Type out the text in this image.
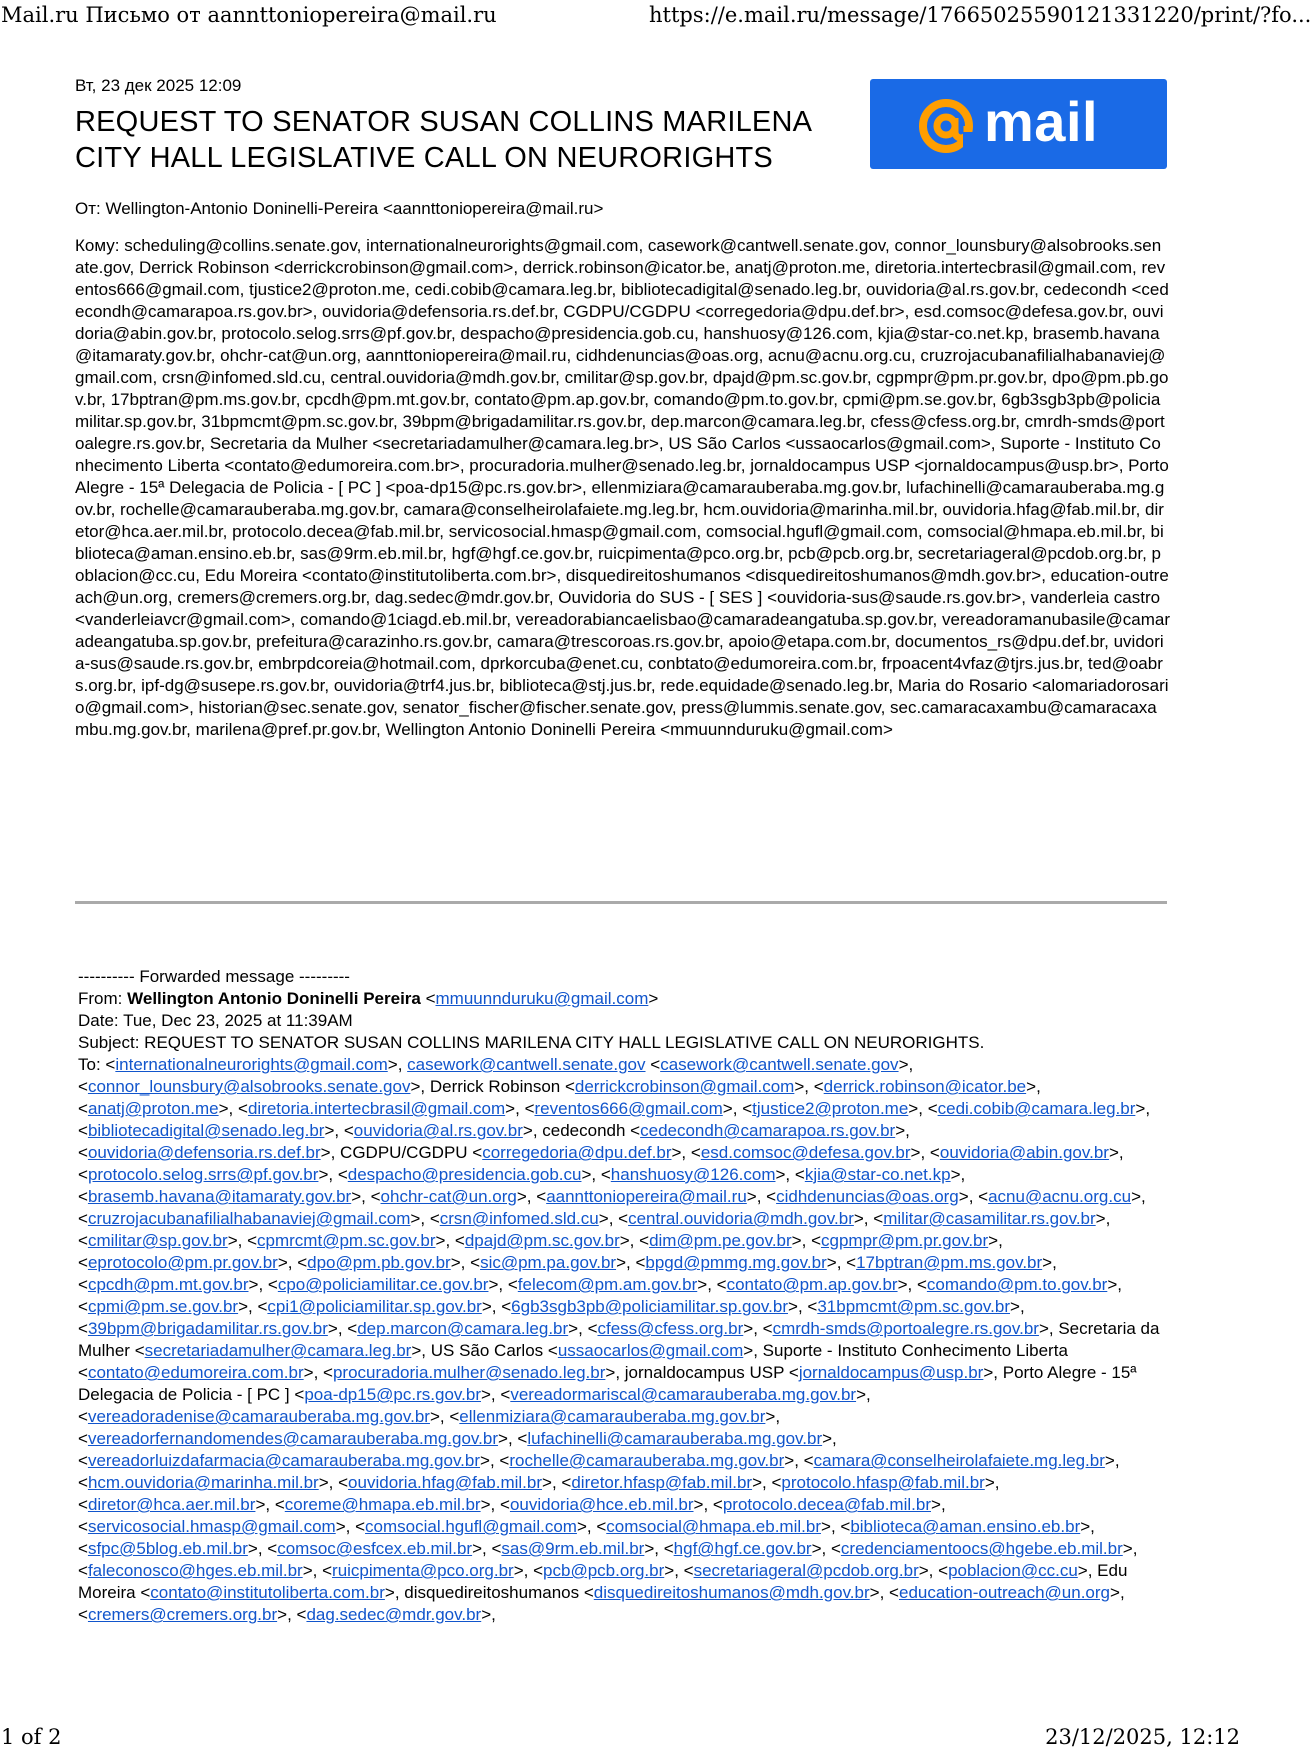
Mail.ru Письмо от aannttoniopereira@mail.ru	https://e.mail.ru/message/17665025590121331220/print/?fo...
Вт, 23 дек 2025 12:09
REQUEST TO SENATOR SUSAN COLLINS MARILENA CITY HALL LEGISLATIVE CALL ON NEURORIGHTS
mail
От: Wellington-Antonio Doninelli-Pereira <aannttoniopereira@mail.ru>
Кому: scheduling@collins.senate.gov, internationalneurorights@gmail.com, casework@cantwell.senate.gov, connor_lounsbury@alsobrooks.senate.gov, Derrick Robinson <derrickcrobinson@gmail.com>, derrick.robinson@icator.be, anatj@proton.me, diretoria.intertecbrasil@gmail.com, reventos666@gmail.com, tjustice2@proton.me, cedi.cobib@camara.leg.br, bibliotecadigital@senado.leg.br, ouvidoria@al.rs.gov.br, cedecondh <cedecondh@camarapoa.rs.gov.br>, ouvidoria@defensoria.rs.def.br, CGDPU/CGDPU <corregedoria@dpu.def.br>, esd.comsoc@defesa.gov.br, ouvidoria@abin.gov.br, protocolo.selog.srrs@pf.gov.br, despacho@presidencia.gob.cu, hanshuosy@126.com, kjia@star-co.net.kp, brasemb.havana@itamaraty.gov.br, ohchr-cat@un.org, aannttoniopereira@mail.ru, cidhdenuncias@oas.org, acnu@acnu.org.cu, cruzrojacubanafilialhabanaviej@gmail.com, crsn@infomed.sld.cu, central.ouvidoria@mdh.gov.br, cmilitar@sp.gov.br, dpajd@pm.sc.gov.br, cgpmpr@pm.pr.gov.br, dpo@pm.pb.gov.br, 17bptran@pm.ms.gov.br, cpcdh@pm.mt.gov.br, contato@pm.ap.gov.br, comando@pm.to.gov.br, cpmi@pm.se.gov.br, 6gb3sgb3pb@policiamilitar.sp.gov.br, 31bpmcmt@pm.sc.gov.br, 39bpm@brigadamilitar.rs.gov.br, dep.marcon@camara.leg.br, cfess@cfess.org.br, cmrdh-smds@portoalegre.rs.gov.br, Secretaria da Mulher <secretariadamulher@camara.leg.br>, US São Carlos <ussaocarlos@gmail.com>, Suporte - Instituto Conhecimento Liberta <contato@edumoreira.com.br>, procuradoria.mulher@senado.leg.br, jornaldocampus USP <jornaldocampus@usp.br>, Porto Alegre - 15ª Delegacia de Policia - [ PC ] <poa-dp15@pc.rs.gov.br>, ellenmiziara@camarauberaba.mg.gov.br, lufachinelli@camarauberaba.mg.gov.br, rochelle@camarauberaba.mg.gov.br, camara@conselheirolafaiete.mg.leg.br, hcm.ouvidoria@marinha.mil.br, ouvidoria.hfag@fab.mil.br, diretor@hca.aer.mil.br, protocolo.decea@fab.mil.br, servicosocial.hmasp@gmail.com, comsocial.hgufl@gmail.com, comsocial@hmapa.eb.mil.br, biblioteca@aman.ensino.eb.br, sas@9rm.eb.mil.br, hgf@hgf.ce.gov.br, ruicpimenta@pco.org.br, pcb@pcb.org.br, secretariageral@pcdob.org.br, poblacion@cc.cu, Edu Moreira <contato@institutoliberta.com.br>, disquedireitoshumanos <disquedireitoshumanos@mdh.gov.br>, education-outreach@un.org, cremers@cremers.org.br, dag.sedec@mdr.gov.br, Ouvidoria do SUS - [ SES ] <ouvidoria-sus@saude.rs.gov.br>, vanderleia castro <vanderleiavcr@gmail.com>, comando@1ciagd.eb.mil.br, vereadorabiancaelisbao@camaradeangatuba.sp.gov.br, vereadoramanubasile@camaradeangatuba.sp.gov.br, prefeitura@carazinho.rs.gov.br, camara@trescoroas.rs.gov.br, apoio@etapa.com.br, documentos_rs@dpu.def.br, uvidoria-sus@saude.rs.gov.br, embrpdcoreia@hotmail.com, dprkorcuba@enet.cu, conbtato@edumoreira.com.br, frpoacent4vfaz@tjrs.jus.br, ted@oabrs.org.br, ipf-dg@susepe.rs.gov.br, ouvidoria@trf4.jus.br, biblioteca@stj.jus.br, rede.equidade@senado.leg.br, Maria do Rosario <alomariadorosario@gmail.com>, historian@sec.senate.gov, senator_fischer@fischer.senate.gov, press@lummis.senate.gov, sec.camaracaxambu@camaracaxambu.mg.gov.br, marilena@pref.pr.gov.br, Wellington Antonio Doninelli Pereira <mmuunnduruku@gmail.com>

---------- Forwarded message ---------

From: Wellington Antonio Doninelli Pereira <mmuunnduruku@gmail.com>

Date: Tue, Dec 23, 2025 at 11:39AM

Subject: REQUEST TO SENATOR SUSAN COLLINS MARILENA CITY HALL LEGISLATIVE CALL ON NEURORIGHTS.

To: <internationalneurorights@gmail.com>, casework@cantwell.senate.gov <casework@cantwell.senate.gov>, <connor_lounsbury@alsobrooks.senate.gov>, Derrick Robinson <derrickcrobinson@gmail.com>, <derrick.robinson@icator.be>, <anatj@proton.me>, <diretoria.intertecbrasil@gmail.com>, <reventos666@gmail.com>, <tjustice2@proton.me>, <cedi.cobib@camara.leg.br>, <bibliotecadigital@senado.leg.br>, <ouvidoria@al.rs.gov.br>, cedecondh <cedecondh@camarapoa.rs.gov.br>, <ouvidoria@defensoria.rs.def.br>, CGDPU/CGDPU <corregedoria@dpu.def.br>, <esd.comsoc@defesa.gov.br>, <ouvidoria@abin.gov.br>, <protocolo.selog.srrs@pf.gov.br>, <despacho@presidencia.gob.cu>, <hanshuosy@126.com>, <kjia@star-co.net.kp>, <brasemb.havana@itamaraty.gov.br>, <ohchr-cat@un.org>, <aannttoniopereira@mail.ru>, <cidhdenuncias@oas.org>, <acnu@acnu.org.cu>, <cruzrojacubanafilialhabanaviej@gmail.com>, <crsn@infomed.sld.cu>, <central.ouvidoria@mdh.gov.br>, <militar@casamilitar.rs.gov.br>, <cmilitar@sp.gov.br>, <cpmrcmt@pm.sc.gov.br>, <dpajd@pm.sc.gov.br>, <dim@pm.pe.gov.br>, <cgpmpr@pm.pr.gov.br>, <eprotocolo@pm.pr.gov.br>, <dpo@pm.pb.gov.br>, <sic@pm.pa.gov.br>, <bpgd@pmmg.mg.gov.br>, <17bptran@pm.ms.gov.br>, <cpcdh@pm.mt.gov.br>, <cpo@policiamilitar.ce.gov.br>, <felecom@pm.am.gov.br>, <contato@pm.ap.gov.br>, <comando@pm.to.gov.br>, <cpmi@pm.se.gov.br>, <cpi1@policiamilitar.sp.gov.br>, <6gb3sgb3pb@policiamilitar.sp.gov.br>, <31bpmcmt@pm.sc.gov.br>, <39bpm@brigadamilitar.rs.gov.br>, <dep.marcon@camara.leg.br>, <cfess@cfess.org.br>, <cmrdh-smds@portoalegre.rs.gov.br>, Secretaria da Mulher <secretariadamulher@camara.leg.br>, US São Carlos <ussaocarlos@gmail.com>, Suporte - Instituto Conhecimento Liberta <contato@edumoreira.com.br>, <procuradoria.mulher@senado.leg.br>, jornaldocampus USP <jornaldocampus@usp.br>, Porto Alegre - 15ª Delegacia de Policia - [ PC ] <poa-dp15@pc.rs.gov.br>, <vereadormariscal@camarauberaba.mg.gov.br>, <vereadoradenise@camarauberaba.mg.gov.br>, <ellenmiziara@camarauberaba.mg.gov.br>, <vereadorfernandomendes@camarauberaba.mg.gov.br>, <lufachinelli@camarauberaba.mg.gov.br>, <vereadorluizdafarmacia@camarauberaba.mg.gov.br>, <rochelle@camarauberaba.mg.gov.br>, <camara@conselheirolafaiete.mg.leg.br>, <hcm.ouvidoria@marinha.mil.br>, <ouvidoria.hfag@fab.mil.br>, <diretor.hfasp@fab.mil.br>, <protocolo.hfasp@fab.mil.br>, <diretor@hca.aer.mil.br>, <coreme@hmapa.eb.mil.br>, <ouvidoria@hce.eb.mil.br>, <protocolo.decea@fab.mil.br>, <servicosocial.hmasp@gmail.com>, <comsocial.hgufl@gmail.com>, <comsocial@hmapa.eb.mil.br>, <biblioteca@aman.ensino.eb.br>, <sfpc@5blog.eb.mil.br>, <comsoc@esfcex.eb.mil.br>, <sas@9rm.eb.mil.br>, <hgf@hgf.ce.gov.br>, <credenciamentoocs@hgebe.eb.mil.br>, <faleconosco@hges.eb.mil.br>, <ruicpimenta@pco.org.br>, <pcb@pcb.org.br>, <secretariageral@pcdob.org.br>, <poblacion@cc.cu>, Edu Moreira <contato@institutoliberta.com.br>, disquedireitoshumanos <disquedireitoshumanos@mdh.gov.br>, <education-outreach@un.org>, <cremers@cremers.org.br>, <dag.sedec@mdr.gov.br>,

1 of 2	23/12/2025, 12:12
